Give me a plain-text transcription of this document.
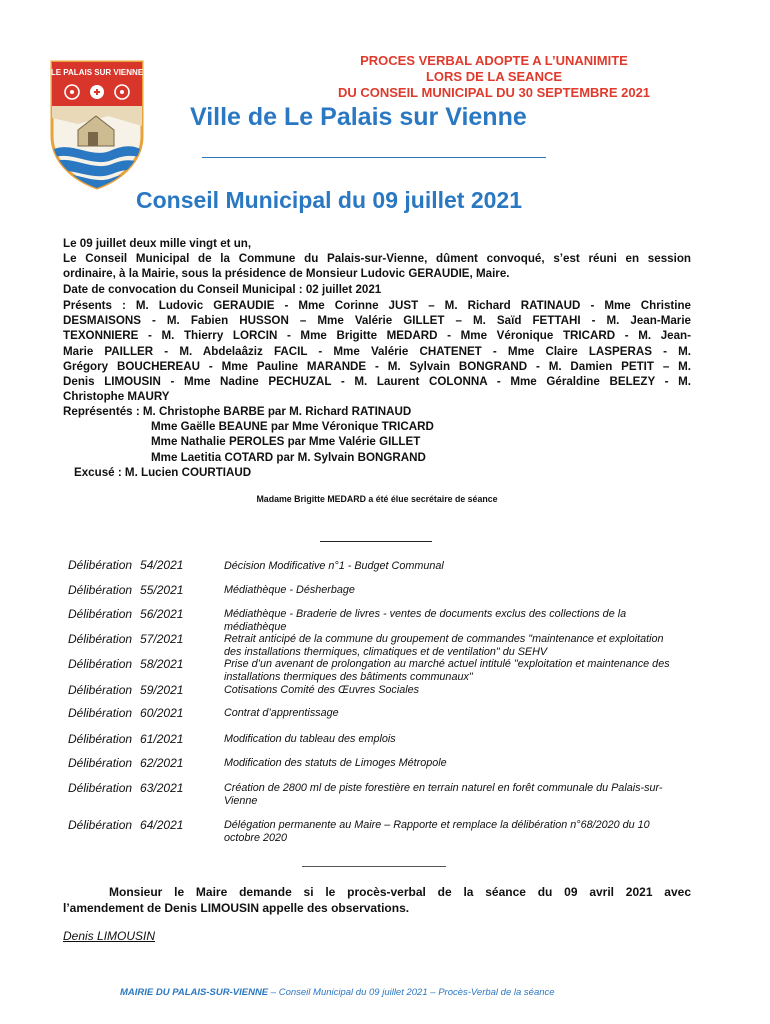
LE PALAIS SUR VIENNE
PROCES VERBAL ADOPTE A L’UNANIMITE
LORS DE LA SEANCE
DU CONSEIL MUNICIPAL DU 30 SEPTEMBRE 2021
Ville de Le Palais sur Vienne
Conseil Municipal du 09 juillet 2021
Le 09 juillet deux mille vingt et un,
Le Conseil Municipal de la Commune du Palais-sur-Vienne, dûment convoqué, s’est réuni en session
ordinaire, à la Mairie, sous la présidence de Monsieur Ludovic GERAUDIE, Maire.
Date de convocation du Conseil Municipal : 02 juillet 2021
Présents : M. Ludovic GERAUDIE - Mme Corinne JUST – M. Richard RATINAUD - Mme Christine
DESMAISONS - M. Fabien HUSSON – Mme Valérie GILLET – M. Saïd FETTAHI - M. Jean-Marie
TEXONNIERE - M. Thierry LORCIN - Mme Brigitte MEDARD - Mme Véronique TRICARD - M. Jean-
Marie PAILLER - M. Abdelaâziz FACIL - Mme Valérie CHATENET - Mme Claire LASPERAS - M.
Grégory BOUCHEREAU - Mme Pauline MARANDE - M. Sylvain BONGRAND - M. Damien PETIT – M.
Denis LIMOUSIN - Mme Nadine PECHUZAL - M. Laurent COLONNA - Mme Géraldine BELEZY - M.
Christophe MAURY
Représentés : M. Christophe BARBE par M. Richard RATINAUD
Mme Gaëlle BEAUNE par Mme Véronique TRICARD
Mme Nathalie PEROLES par Mme Valérie GILLET
Mme Laetitia COTARD par M. Sylvain BONGRAND
Excusé : M. Lucien COURTIAUD
Madame Brigitte MEDARD a été élue secrétaire de séance
Délibération 54/2021	Décision Modificative n°1 - Budget Communal
Délibération 55/2021	Médiathèque - Désherbage
Délibération 56/2021	Médiathèque - Braderie de livres - ventes de documents exclus des collections de la
médiathèque
Délibération 57/2021	Retrait anticipé de la commune du groupement de commandes "maintenance et exploitation
des installations thermiques, climatiques et de ventilation" du SEHV
Délibération 58/2021	Prise d’un avenant de prolongation au marché actuel intitulé "exploitation et maintenance des
installations thermiques des bâtiments communaux"
Délibération 59/2021	Cotisations Comité des Œuvres Sociales
Délibération 60/2021	Contrat d’apprentissage
Délibération 61/2021	Modification du tableau des emplois
Délibération 62/2021	Modification des statuts de Limoges Métropole
Délibération 63/2021	Création de 2800 ml de piste forestière en terrain naturel en forêt communale du Palais-sur-
Vienne
Délibération 64/2021	Délégation permanente au Maire – Rapporte et remplace la délibération n°68/2020 du 10
octobre 2020
Monsieur le Maire demande si le procès-verbal de la séance du 09 avril 2021 avec
l’amendement de Denis LIMOUSIN appelle des observations.
Denis LIMOUSIN
MAIRIE DU PALAIS-SUR-VIENNE – Conseil Municipal du 09 juillet 2021 – Procès-Verbal de la séance
